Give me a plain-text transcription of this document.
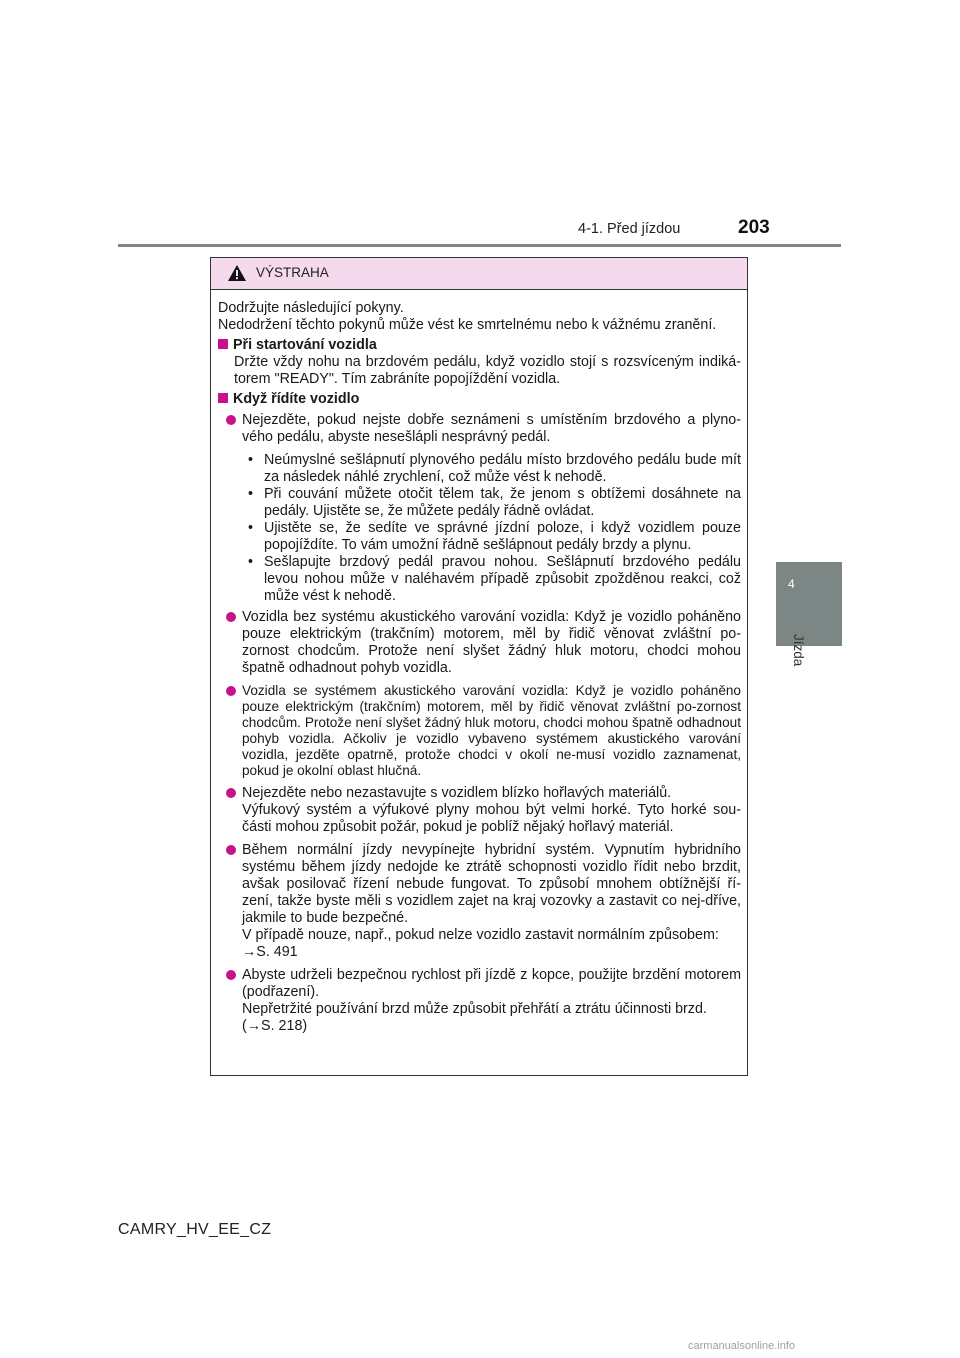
4-1. Před jízdou	203
4
Jízda
VÝSTRAHA

Dodržujte následující pokyny.

Nedodržení těchto pokynů může vést ke smrtelnému nebo k vážnému zranění.

Při startování vozidla

Držte vždy nohu na brzdovém pedálu, když vozidlo stojí s rozsvíceným indiká-torem "READY". Tím zabráníte popojíždění vozidla.

Když řídíte vozidlo
Nejezděte, pokud nejste dobře seznámeni s umístěním brzdového a plyno-vého pedálu, abyste nesešlápli nesprávný pedál.
• Neúmyslné sešlápnutí plynového pedálu místo brzdového pedálu bude mít za následek náhlé zrychlení, což může vést k nehodě.
• Při couvání můžete otočit tělem tak, že jenom s obtížemi dosáhnete na pedály. Ujistěte se, že můžete pedály řádně ovládat.
• Ujistěte se, že sedíte ve správné jízdní poloze, i když vozidlem pouze popojíždíte. To vám umožní řádně sešlápnout pedály brzdy a plynu.
• Sešlapujte brzdový pedál pravou nohou. Sešlápnutí brzdového pedálu levou nohou může v naléhavém případě způsobit zpožděnou reakci, což může vést k nehodě.
Vozidla bez systému akustického varování vozidla: Když je vozidlo poháněno pouze elektrickým (trakčním) motorem, měl by řidič věnovat zvláštní po-zornost chodcům. Protože není slyšet žádný hluk motoru, chodci mohou špatně odhadnout pohyb vozidla.
Vozidla se systémem akustického varování vozidla: Když je vozidlo poháněno pouze elektrickým (trakčním) motorem, měl by řidič věnovat zvláštní po-zornost chodcům. Protože není slyšet žádný hluk motoru, chodci mohou špatně odhadnout pohyb vozidla. Ačkoliv je vozidlo vybaveno systémem akustického varování vozidla, jezděte opatrně, protože chodci v okolí ne-musí vozidlo zaznamenat, pokud je okolní oblast hlučná.
Nejezděte nebo nezastavujte s vozidlem blízko hořlavých materiálů.
Výfukový systém a výfukové plyny mohou být velmi horké. Tyto horké sou-části mohou způsobit požár, pokud je poblíž nějaký hořlavý materiál.
Během normální jízdy nevypínejte hybridní systém. Vypnutím hybridního systému během jízdy nedojde ke ztrátě schopnosti vozidlo řídit nebo brzdit, avšak posilovač řízení nebude fungovat. To způsobí mnohem obtížnější ří-zení, takže byste měli s vozidlem zajet na kraj vozovky a zastavit co nej-dříve, jakmile to bude bezpečné.
V případě nouze, např., pokud nelze vozidlo zastavit normálním způsobem:
→S. 491
Abyste udrželi bezpečnou rychlost při jízdě z kopce, použijte brzdění motorem (podřazení).
Nepřetržité používání brzd může způsobit přehřátí a ztrátu účinnosti brzd.
(→S. 218)
CAMRY_HV_EE_CZ
carmanualsonline.info
